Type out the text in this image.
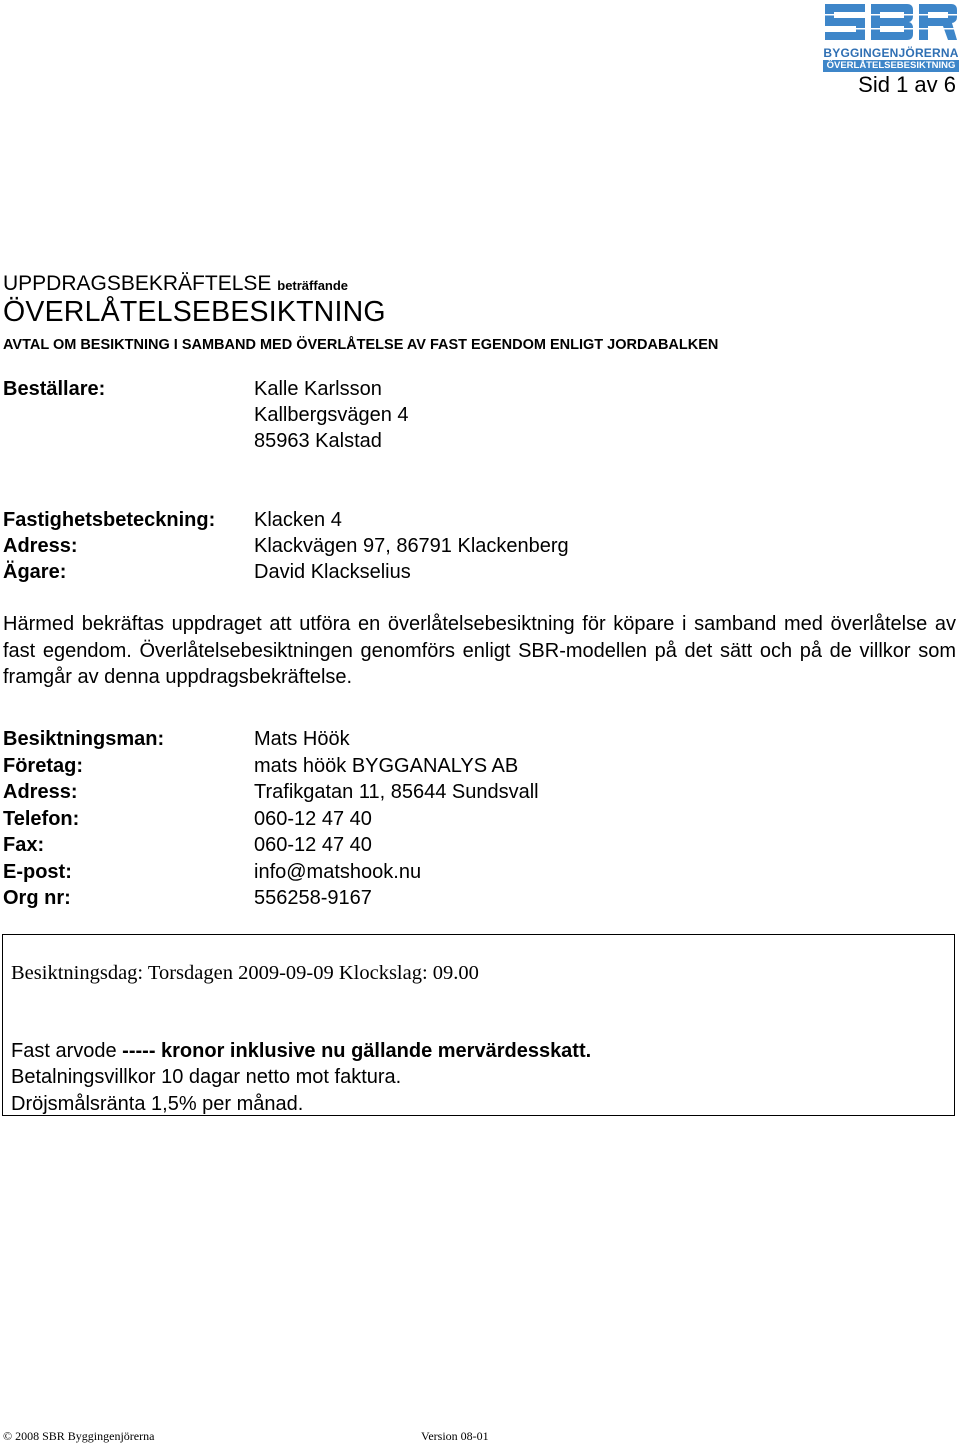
BYGGINGENJÖRERNA
ÖVERLÅTELSEBESIKTNING
Sid 1 av 6
UPPDRAGSBEKRÄFTELSE beträffande
ÖVERLÅTELSEBESIKTNING
AVTAL OM BESIKTNING I SAMBAND MED ÖVERLÅTELSE AV FAST EGENDOM ENLIGT JORDABALKEN
Beställare:	Kalle Karlsson
Kallbergsvägen 4
85963 Kalstad
Fastighetsbeteckning: Klacken 4
Adress:	Klackvägen 97, 86791 Klackenberg
Ägare:	David Klackselius
Härmed bekräftas uppdraget att utföra en överlåtelsebesiktning för köpare i samband med överlåtelse av fast egendom. Överlåtelsebesiktningen genomförs enligt SBR-modellen på det sätt och på de villkor som framgår av denna uppdragsbekräftelse.
Besiktningsman:	Mats Höök
Företag:	mats höök BYGGANALYS AB
Adress:	Trafikgatan 11, 85644 Sundsvall
Telefon:	060-12 47 40
Fax:	060-12 47 40
E-post:	info@matshook.nu
Org nr:	556258-9167
Besiktningsdag: Torsdagen 2009-09-09 Klockslag: 09.00
Fast arvode ----- kronor inklusive nu gällande mervärdesskatt.
Betalningsvillkor 10 dagar netto mot faktura.
Dröjsmålsränta 1,5% per månad.
© 2008 SBR Byggingenjörerna	Version 08-01
